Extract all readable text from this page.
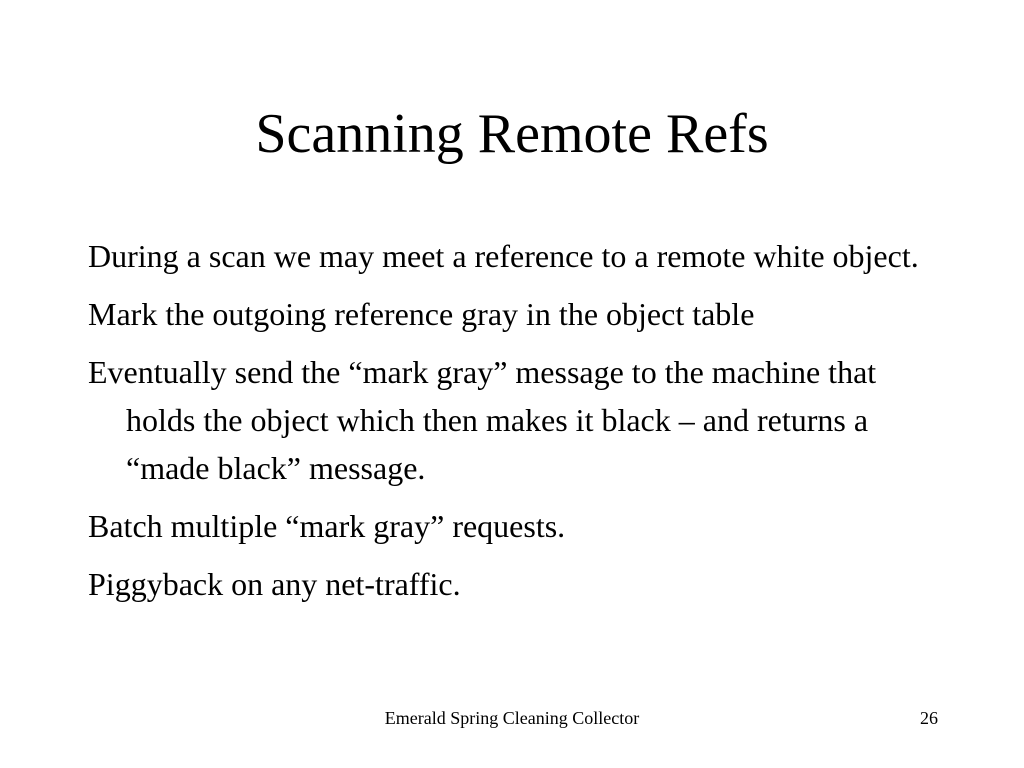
Scanning Remote Refs
During a scan we may meet a reference to a remote white object.
Mark the outgoing reference gray in the object table
Eventually send the “mark gray” message to the machine that holds the object which then makes it black – and returns a “made black” message.
Batch multiple “mark gray” requests.
Piggyback on any net-traffic.
Emerald Spring Cleaning Collector	26
